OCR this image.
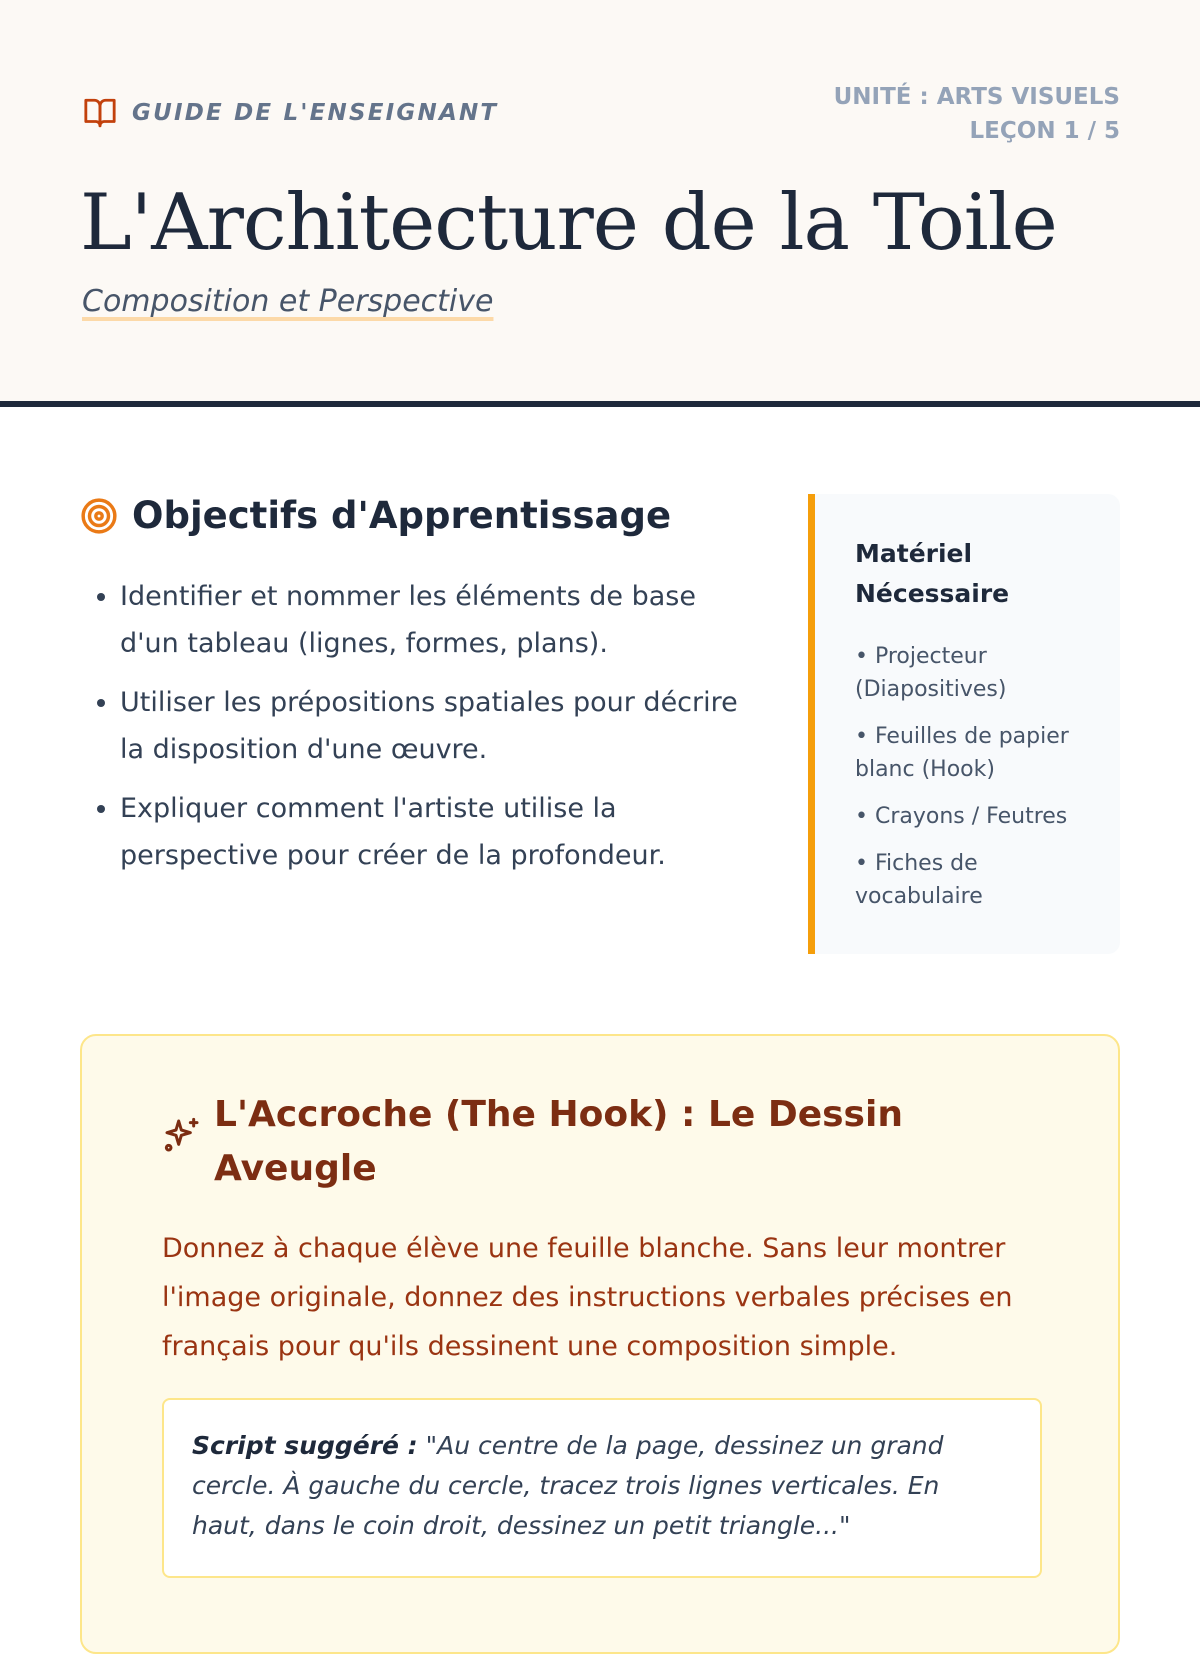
GUIDE DE L'ENSEIGNANT
UNITÉ : ARTS VISUELS
LEÇON 1 / 5
L'Architecture de la Toile
Composition et Perspective
Objectifs d'Apprentissage
• Identifier et nommer les éléments de base d'un tableau (lignes, formes, plans).
• Utiliser les prépositions spatiales pour décrire la disposition d'une œuvre.
• Expliquer comment l'artiste utilise la perspective pour créer de la profondeur.
Matériel Nécessaire
• Projecteur (Diapositives)
• Feuilles de papier blanc (Hook)
• Crayons / Feutres
• Fiches de vocabulaire
L'Accroche (The Hook) : Le Dessin Aveugle

Donnez à chaque élève une feuille blanche. Sans leur montrer l'image originale, donnez des instructions verbales précises en français pour qu'ils dessinent une composition simple.

Script suggéré : "Au centre de la page, dessinez un grand cercle. À gauche du cercle, tracez trois lignes verticales. En haut, dans le coin droit, dessinez un petit triangle..."
